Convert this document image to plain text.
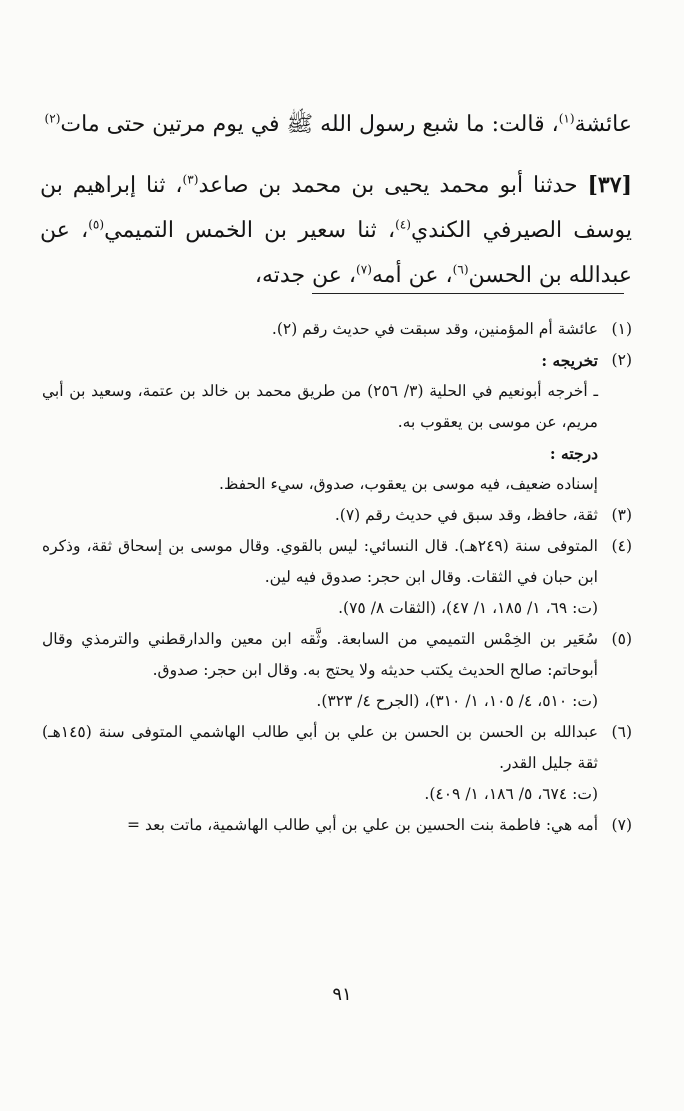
عائشة$^{(١)}$، قالت: ما شبع رسول الله ﷺ في يوم مرتين حتى مات$^{(٢)}$

[٣٧] حدثنا أبو محمد يحيى بن محمد بن صاعد$^{(٣)}$، ثنا إبراهيم بن يوسف الصيرفي الكندي$^{(٤)}$، ثنا سعير بن الخمس التميمي$^{(٥)}$، عن عبدالله بن الحسن$^{(٦)}$، عن أمه$^{(٧)}$، عن جدته،

(١)
عائشة أم المؤمنين، وقد سبقت في حديث رقم (٢).
(٢)
تخريجه :
ـ أخرجه أبونعيم في الحلية (٣/ ٢٥٦) من طريق محمد بن خالد بن عتمة، وسعيد بن أبي مريم، عن موسى بن يعقوب به.
درجته :
إسناده ضعيف، فيه موسى بن يعقوب، صدوق، سيء الحفظ.
(٣)
ثقة، حافظ، وقد سبق في حديث رقم (٧).
(٤)
المتوفى سنة (٢٤٩هـ). قال النسائي: ليس بالقوي. وقال موسى بن إسحاق ثقة، وذكره ابن حبان في الثقات. وقال ابن حجر: صدوق فيه لين.
(ت: ٦٩، ١/ ١٨٥، ١/ ٤٧)، (الثقات ٨/ ٧٥).
(٥)
سُعَير بن الخِمْس التميمي من السابعة. وثَّقه ابن معين والدارقطني والترمذي وقال أبوحاتم: صالح الحديث يكتب حديثه ولا يحتج به. وقال ابن حجر: صدوق.
(ت: ٥١٠، ٤/ ١٠٥، ١/ ٣١٠)، (الجرح ٤/ ٣٢٣).
(٦)
عبدالله بن الحسن بن الحسن بن علي بن أبي طالب الهاشمي المتوفى سنة (١٤٥هـ) ثقة جليل القدر.
(ت: ٦٧٤، ٥/ ١٨٦، ١/ ٤٠٩).
(٧)
أمه هي: فاطمة بنت الحسين بن علي بن أبي طالب الهاشمية، ماتت بعد =
٩١
